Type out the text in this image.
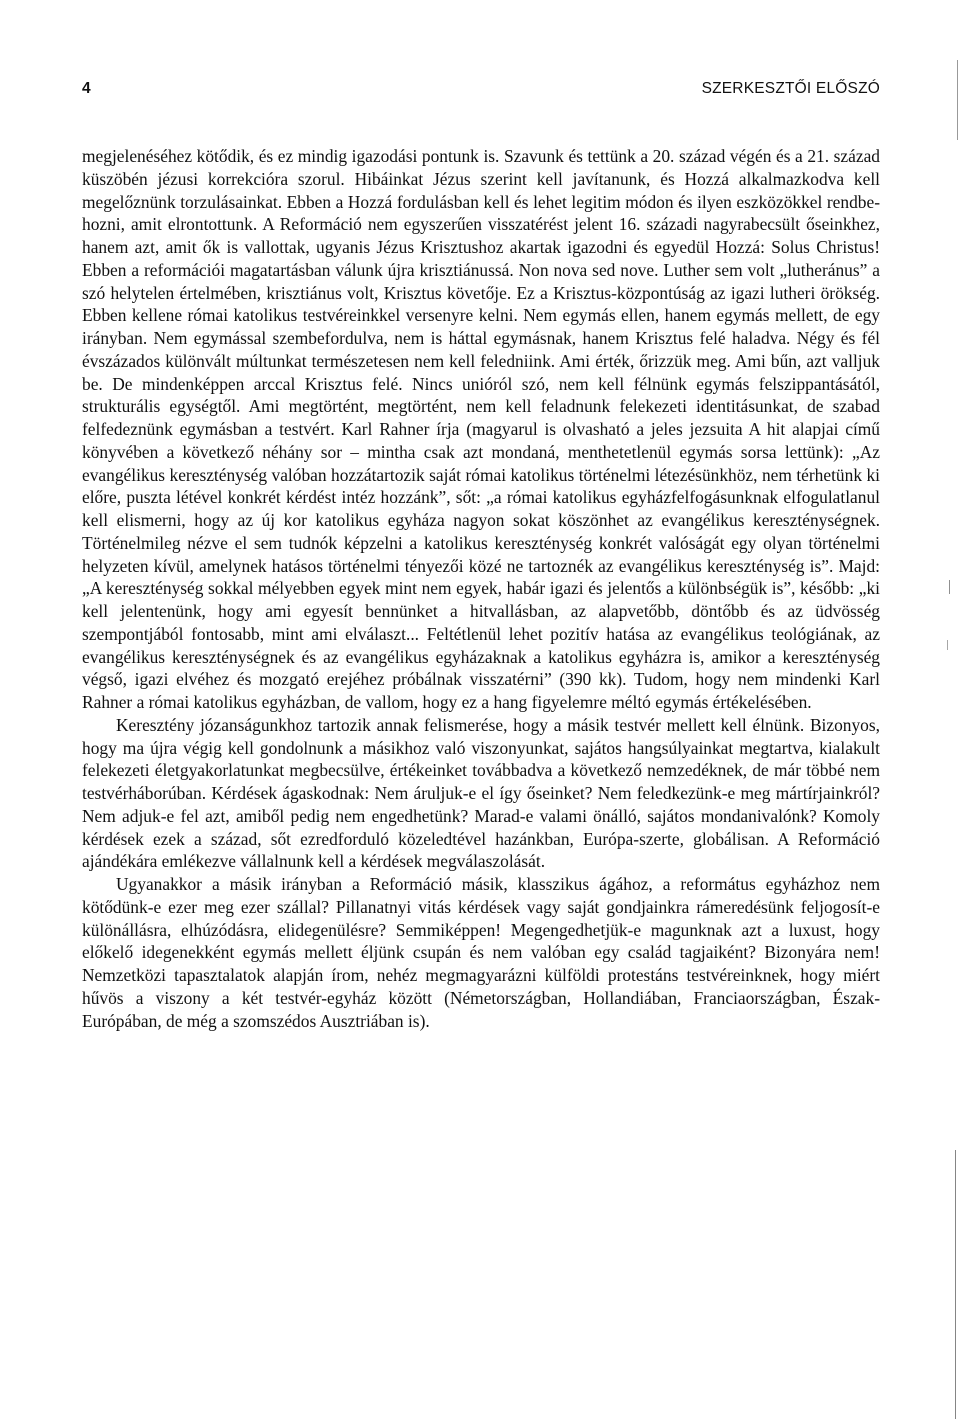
4	SZERKESZTŐI ELŐSZÓ

megjelenéséhez kötődik, és ez mindig igazodási pontunk is. Szavunk és tettünk a 20. század végén és a 21. század küszöbén jézusi korrekcióra szorul. Hibáinkat Jézus szerint kell javítanunk, és Hozzá alkalmazkodva kell megelőznünk torzulásainkat. Ebben a Hozzá fordulásban kell és lehet legitim módon és ilyen eszközökkel rendbehozni, amit elrontottunk. A Reformáció nem egyszerűen visszatérést jelent 16. századi nagyrabecsült őseinkhez, hanem azt, amit ők is vallottak, ugyanis Jézus Krisztushoz akartak igazodni és egyedül Hozzá: Solus Christus! Ebben a reformációi magatartásban válunk újra krisztiánussá. Non nova sed nove. Luther sem volt „lutheránus” a szó helytelen értelmében, krisztiánus volt, Krisztus követője. Ez a Krisztus-központúság az igazi lutheri örökség. Ebben kellene római katolikus testvéreinkkel versenyre kelni. Nem egymás ellen, hanem egymás mellett, de egy irányban. Nem egymással szembefordulva, nem is háttal egymásnak, hanem Krisztus felé haladva. Négy és fél évszázados különvált múltunkat természetesen nem kell feledniink. Ami érték, őrizzük meg. Ami bűn, azt valljuk be. De mindenképpen arccal Krisztus felé. Nincs unióról szó, nem kell félnünk egymás felszippantásától, strukturális egységtől. Ami megtörtént, megtörtént, nem kell feladnunk felekezeti identitásunkat, de szabad felfedeznünk egymásban a testvért. Karl Rahner írja (magyarul is olvasható a jeles jezsuita A hit alapjai című könyvében a következő néhány sor – mintha csak azt mondaná, menthetetlenül egymás sorsa lettünk): „Az evangélikus kereszténység valóban hozzátartozik saját római katolikus történelmi létezésünkhöz, nem térhetünk ki előre, puszta létével konkrét kérdést intéz hozzánk”, sőt: „a római katolikus egyházfelfogásunknak elfogulatlanul kell elismerni, hogy az új kor katolikus egyháza nagyon sokat köszönhet az evangélikus kereszténységnek. Történelmileg nézve el sem tudnók képzelni a katolikus kereszténység konkrét valóságát egy olyan történelmi helyzeten kívül, amelynek hatásos történelmi tényezői közé ne tartoznék az evangélikus kereszténység is”. Majd: „A kereszténység sokkal mélyebben egyek mint nem egyek, habár igazi és jelentős a különbségük is”, később: „ki kell jelentenünk, hogy ami egyesít bennünket a hitvallásban, az alapvetőbb, döntőbb és az üdvösség szempontjából fontosabb, mint ami elválaszt... Feltétlenül lehet pozitív hatása az evangélikus teológiának, az evangélikus kereszténységnek és az evangélikus egyházaknak a katolikus egyházra is, amikor a kereszténység végső, igazi elvéhez és mozgató erejéhez próbálnak visszatérni” (390 kk). Tudom, hogy nem mindenki Karl Rahner a római katolikus egyházban, de vallom, hogy ez a hang figyelemre méltó egymás értékelésében.

Keresztény józanságunkhoz tartozik annak felismerése, hogy a másik testvér mellett kell élnünk. Bizonyos, hogy ma újra végig kell gondolnunk a másikhoz való viszonyunkat, sajátos hangsúlyainkat megtartva, kialakult felekezeti életgyakorlatunkat megbecsülve, értékeinket továbbadva a következő nemzedéknek, de már többé nem testvérháborúban. Kérdések ágaskodnak: Nem áruljuk-e el így őseinket? Nem feledkezünk-e meg mártírjainkról? Nem adjuk-e fel azt, amiből pedig nem engedhetünk? Marad-e valami önálló, sajátos mondanivalónk? Komoly kérdések ezek a század, sőt ezredforduló közeledtével hazánkban, Európa-szerte, globálisan. A Reformáció ajándékára emlékezve vállalnunk kell a kérdések megválaszolását.

Ugyanakkor a másik irányban a Reformáció másik, klasszikus ágához, a református egyházhoz nem kötődünk-e ezer meg ezer szállal? Pillanatnyi vitás kérdések vagy saját gondjainkra rámeredésünk feljogosít-e különállásra, elhúzódásra, elidegenülésre? Semmiképpen! Megengedhetjük-e magunknak azt a luxust, hogy előkelő idegenekként egymás mellett éljünk csupán és nem valóban egy család tagjaiként? Bizonyára nem! Nemzetközi tapasztalatok alapján írom, nehéz megmagyarázni külföldi protestáns testvéreinknek, hogy miért hűvös a viszony a két testvér-egyház között (Németországban, Hollandiában, Franciaországban, Észak-Európában, de még a szomszédos Ausztriában is).
